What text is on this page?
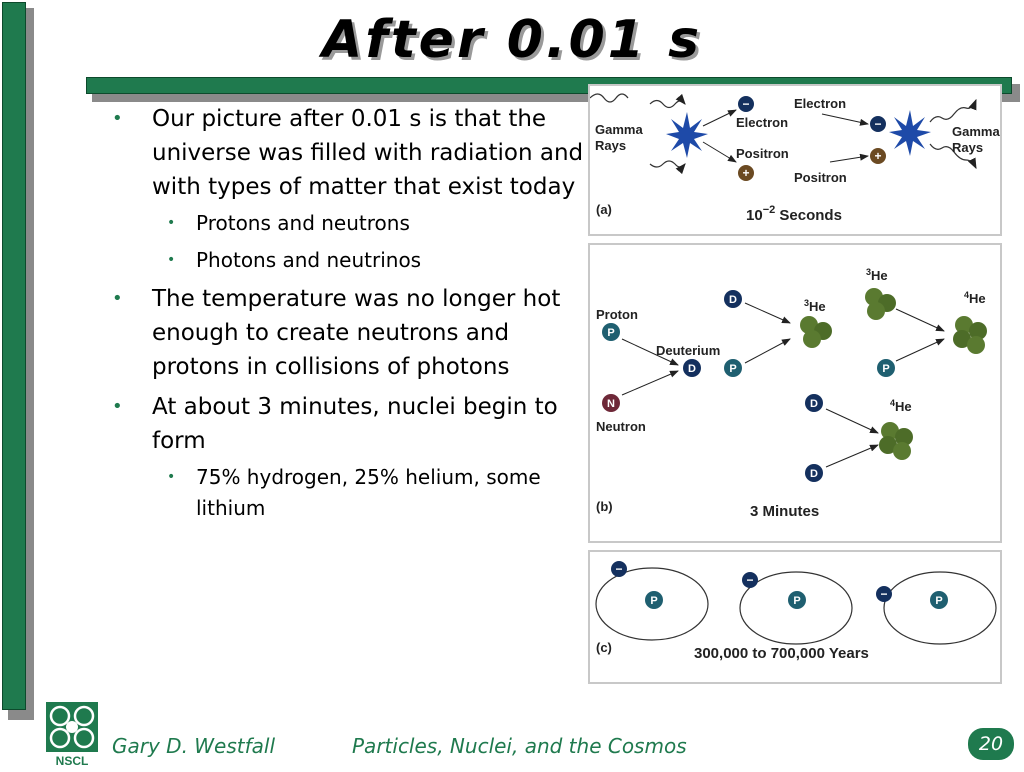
After 0.01 s
• Our picture after 0.01 s is that the universe was filled with radiation and with types of matter that exist today
• Protons and neutrons
• Photons and neutrinos
• The temperature was no longer hot enough to create neutrons and protons in collisions of photons
• At about 3 minutes, nuclei begin to form
• 75% hydrogen, 25% helium, some lithium
Gamma
Rays
−
Electron
Positron
+
Electron
Positron
−
+
Gamma
Rays
(a)	$10^{-2}$ Seconds
Proton
P
N
Neutron
Deuterium
D	P
D	$^3$He
$^3$He
P
$^4$He
D
D
$^4$He
(b)	3 Minutes
−
P
−
P	−	P
(c)	300,000 to 700,000 Years
NSCL
Gary D. Westfall	Particles, Nuclei, and the Cosmos	20
